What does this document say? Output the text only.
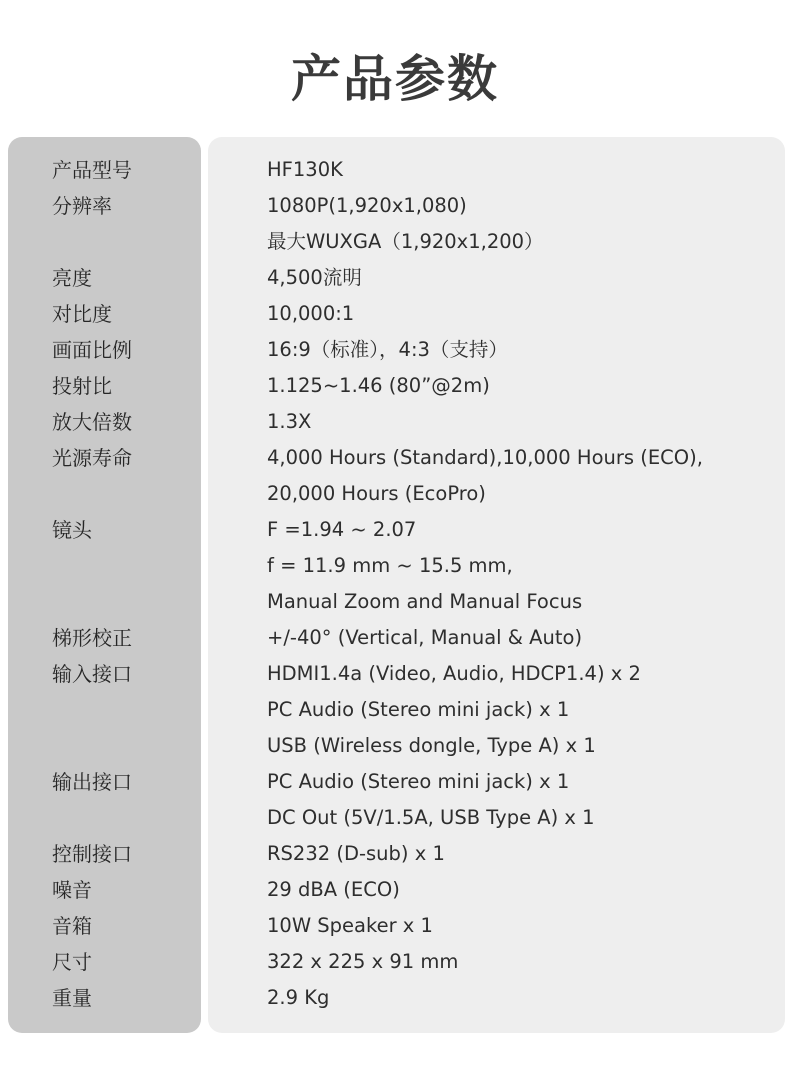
产品参数
产品型号	HF130K
分辨率	1080P(1,920x1,080)
最大WUXGA（1,920x1,200）
亮度	4,500流明
对比度	10,000:1
画面比例	16:9（标准），4:3（支持）
投射比	1.125~1.46 (80”@2m)
放大倍数	1.3X
光源寿命	4,000 Hours (Standard),10,000 Hours (ECO),
20,000 Hours (EcoPro)
镜头	F =1.94 ~ 2.07
f = 11.9 mm ~ 15.5 mm,
Manual Zoom and Manual Focus
梯形校正	+/-40° (Vertical, Manual & Auto)
输入接口	HDMI1.4a (Video, Audio, HDCP1.4) x 2
PC Audio (Stereo mini jack) x 1
USB (Wireless dongle, Type A) x 1
输出接口	PC Audio (Stereo mini jack) x 1
DC Out (5V/1.5A, USB Type A) x 1
控制接口	RS232 (D-sub) x 1
噪音	29 dBA (ECO)
音箱	10W Speaker x 1
尺寸	322 x 225 x 91 mm
重量	2.9 Kg
